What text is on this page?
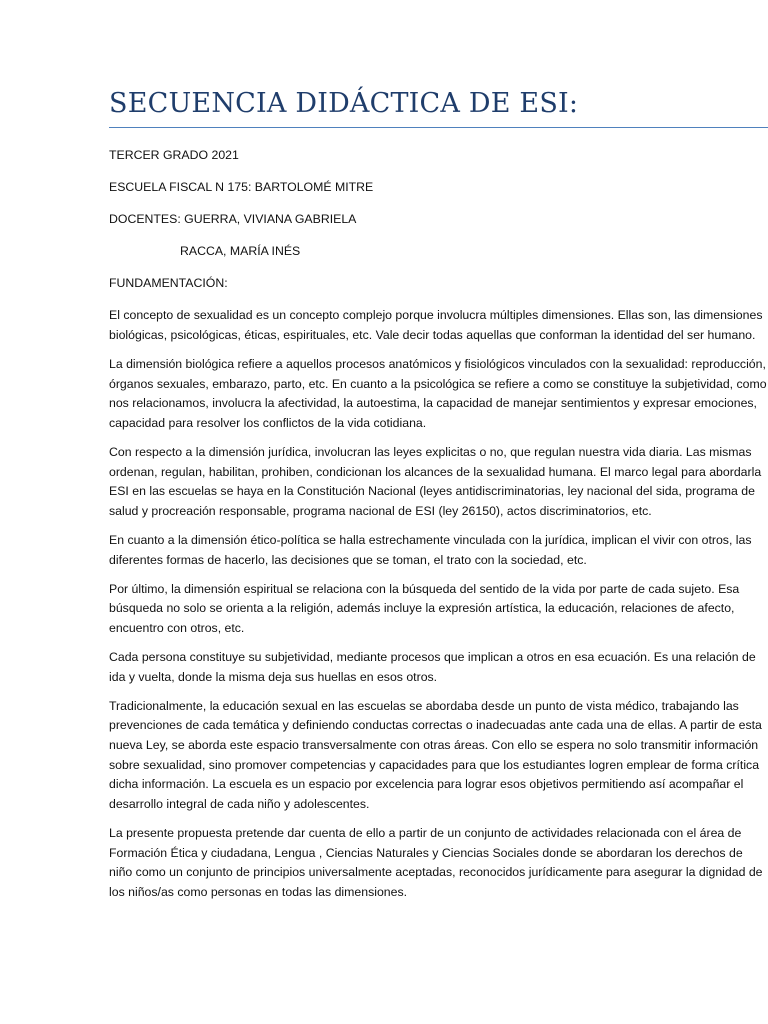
SECUENCIA DIDÁCTICA DE ESI:

TERCER GRADO 2021

ESCUELA FISCAL N 175: BARTOLOMÉ MITRE

DOCENTES: GUERRA, VIVIANA GABRIELA

RACCA, MARÍA INÉS

FUNDAMENTACIÓN:

El concepto de sexualidad es un concepto complejo porque involucra múltiples dimensiones. Ellas son, las dimensiones biológicas, psicológicas, éticas, espirituales, etc. Vale decir todas aquellas que conforman la identidad del ser humano.

La dimensión biológica refiere a aquellos procesos anatómicos y fisiológicos vinculados con la sexualidad: reproducción, órganos sexuales, embarazo, parto, etc. En cuanto a la psicológica se refiere a como se constituye la subjetividad, como nos relacionamos, involucra la afectividad, la autoestima, la capacidad de manejar sentimientos y expresar emociones, capacidad para resolver los conflictos de la vida cotidiana.

Con respecto a la dimensión jurídica, involucran las leyes explicitas o no, que regulan nuestra vida diaria. Las mismas ordenan, regulan, habilitan, prohiben, condicionan los alcances de la sexualidad humana. El marco legal para abordarla ESI en las escuelas se haya en la Constitución Nacional (leyes antidiscriminatorias, ley nacional del sida, programa de salud y procreación responsable, programa nacional de ESI (ley 26150), actos discriminatorios, etc.

En cuanto a la dimensión ético-política se halla estrechamente vinculada con la jurídica, implican el vivir con otros, las diferentes formas de hacerlo, las decisiones que se toman, el trato con la sociedad, etc.

Por último, la dimensión espiritual se relaciona con la búsqueda del sentido de la vida por parte de cada sujeto. Esa búsqueda no solo se orienta a la religión, además incluye la expresión artística, la educación, relaciones de afecto, encuentro con otros, etc.

Cada persona constituye su subjetividad, mediante procesos que implican a otros en esa ecuación. Es una relación de ida y vuelta, donde la misma deja sus huellas en esos otros.

Tradicionalmente, la educación sexual en las escuelas se abordaba desde un punto de vista médico, trabajando las prevenciones de cada temática y definiendo conductas correctas o inadecuadas ante cada una de ellas. A partir de esta nueva Ley, se aborda este espacio transversalmente con otras áreas. Con ello se espera no solo transmitir información sobre sexualidad, sino promover competencias y capacidades para que los estudiantes logren emplear de forma crítica dicha información. La escuela es un espacio por excelencia para lograr esos objetivos permitiendo así acompañar el desarrollo integral de cada niño y adolescentes.

La presente propuesta pretende dar cuenta de ello a partir de un conjunto de actividades relacionada con el área de Formación Ética y ciudadana, Lengua , Ciencias Naturales y Ciencias Sociales donde se abordaran los derechos de niño como un conjunto de principios universalmente aceptadas, reconocidos jurídicamente para asegurar la dignidad de los niños/as como personas en todas las dimensiones.
